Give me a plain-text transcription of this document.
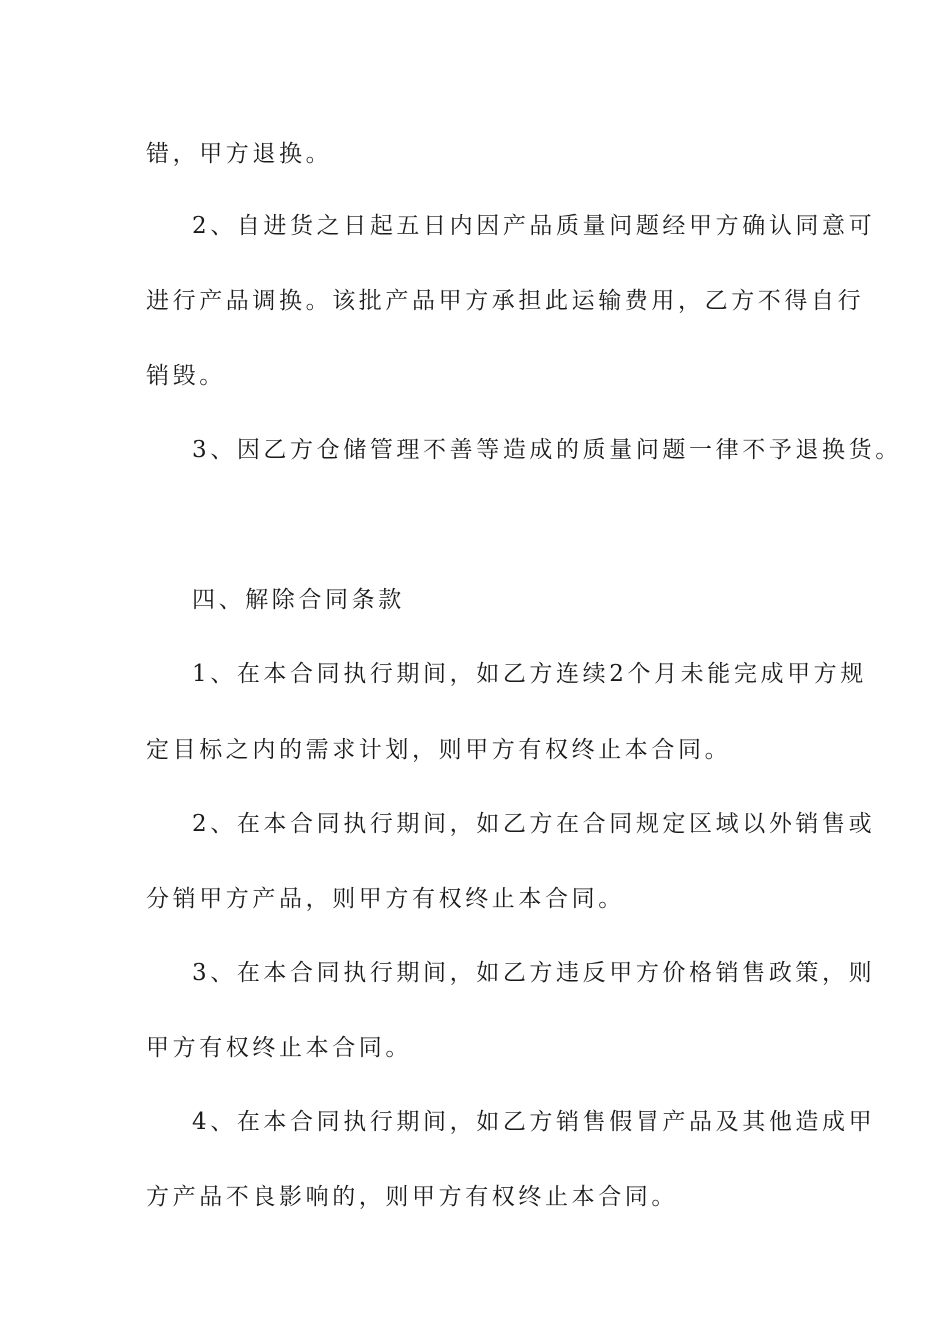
错，甲方退换。
2、自进货之日起五日内因产品质量问题经甲方确认同意可
进行产品调换。该批产品甲方承担此运输费用，乙方不得自行
销毁。
3、因乙方仓储管理不善等造成的质量问题一律不予退换货。
四、解除合同条款
1、在本合同执行期间，如乙方连续2个月未能完成甲方规
定目标之内的需求计划，则甲方有权终止本合同。
2、在本合同执行期间，如乙方在合同规定区域以外销售或
分销甲方产品，则甲方有权终止本合同。
3、在本合同执行期间，如乙方违反甲方价格销售政策，则
甲方有权终止本合同。
4、在本合同执行期间，如乙方销售假冒产品及其他造成甲
方产品不良影响的，则甲方有权终止本合同。
